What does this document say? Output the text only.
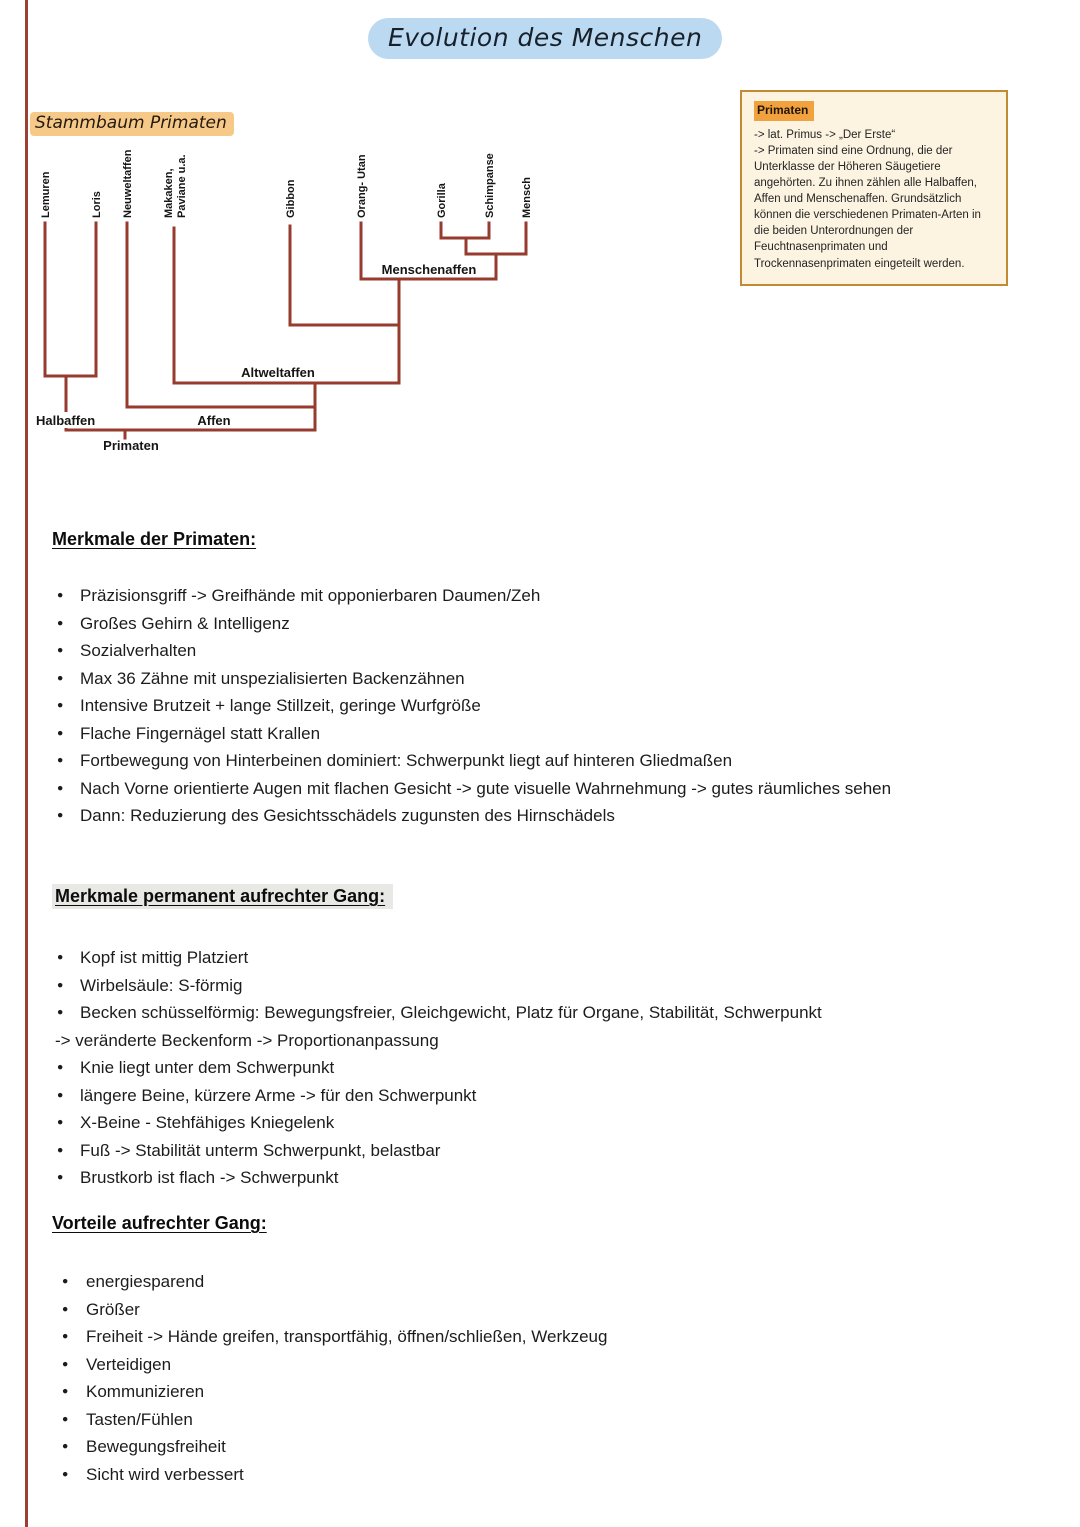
Evolution des Menschen
Stammbaum Primaten
Lemuren	Loris Neuweltaffen	Makaken, Paviane u.a.	Gibbon	Orang- Utan	Gorilla	Schimpanse Mensch
Menschenaffen
Altweltaffen
Halbaffen	Affen
Primaten
Primaten

-> lat. Primus -> „Der Erste“

-> Primaten sind eine Ordnung, die der Unterklasse der Höheren Säugetiere angehörten. Zu ihnen zählen alle Halbaffen, Affen und Menschenaffen. Grundsätzlich können die verschiedenen Primaten-Arten in die beiden Unterordnungen der Feuchtnasenprimaten und Trockennasenprimaten eingeteilt werden.

Merkmale der Primaten:
● Präzisionsgriff -> Greifhände mit opponierbaren Daumen/Zeh
● Großes Gehirn & Intelligenz
● Sozialverhalten
● Max 36 Zähne mit unspezialisierten Backenzähnen
● Intensive Brutzeit + lange Stillzeit, geringe Wurfgröße
● Flache Fingernägel statt Krallen
● Fortbewegung von Hinterbeinen dominiert: Schwerpunkt liegt auf hinteren Gliedmaßen
● Nach Vorne orientierte Augen mit flachen Gesicht -> gute visuelle Wahrnehmung -> gutes räumliches sehen
● Dann: Reduzierung des Gesichtsschädels zugunsten des Hirnschädels
Merkmale permanent aufrechter Gang:
● Kopf ist mittig Platziert
● Wirbelsäule: S-förmig
● Becken schüsselförmig: Bewegungsfreier, Gleichgewicht, Platz für Organe, Stabilität, Schwerpunkt
-> veränderte Beckenform -> Proportionanpassung
● Knie liegt unter dem Schwerpunkt
● längere Beine, kürzere Arme -> für den Schwerpunkt
● X-Beine - Stehfähiges Kniegelenk
● Fuß -> Stabilität unterm Schwerpunkt, belastbar
● Brustkorb ist flach -> Schwerpunkt
Vorteile aufrechter Gang:
● energiesparend
● Größer
● Freiheit -> Hände greifen, transportfähig, öffnen/schließen, Werkzeug
● Verteidigen
● Kommunizieren
● Tasten/Fühlen
● Bewegungsfreiheit
● Sicht wird verbessert
